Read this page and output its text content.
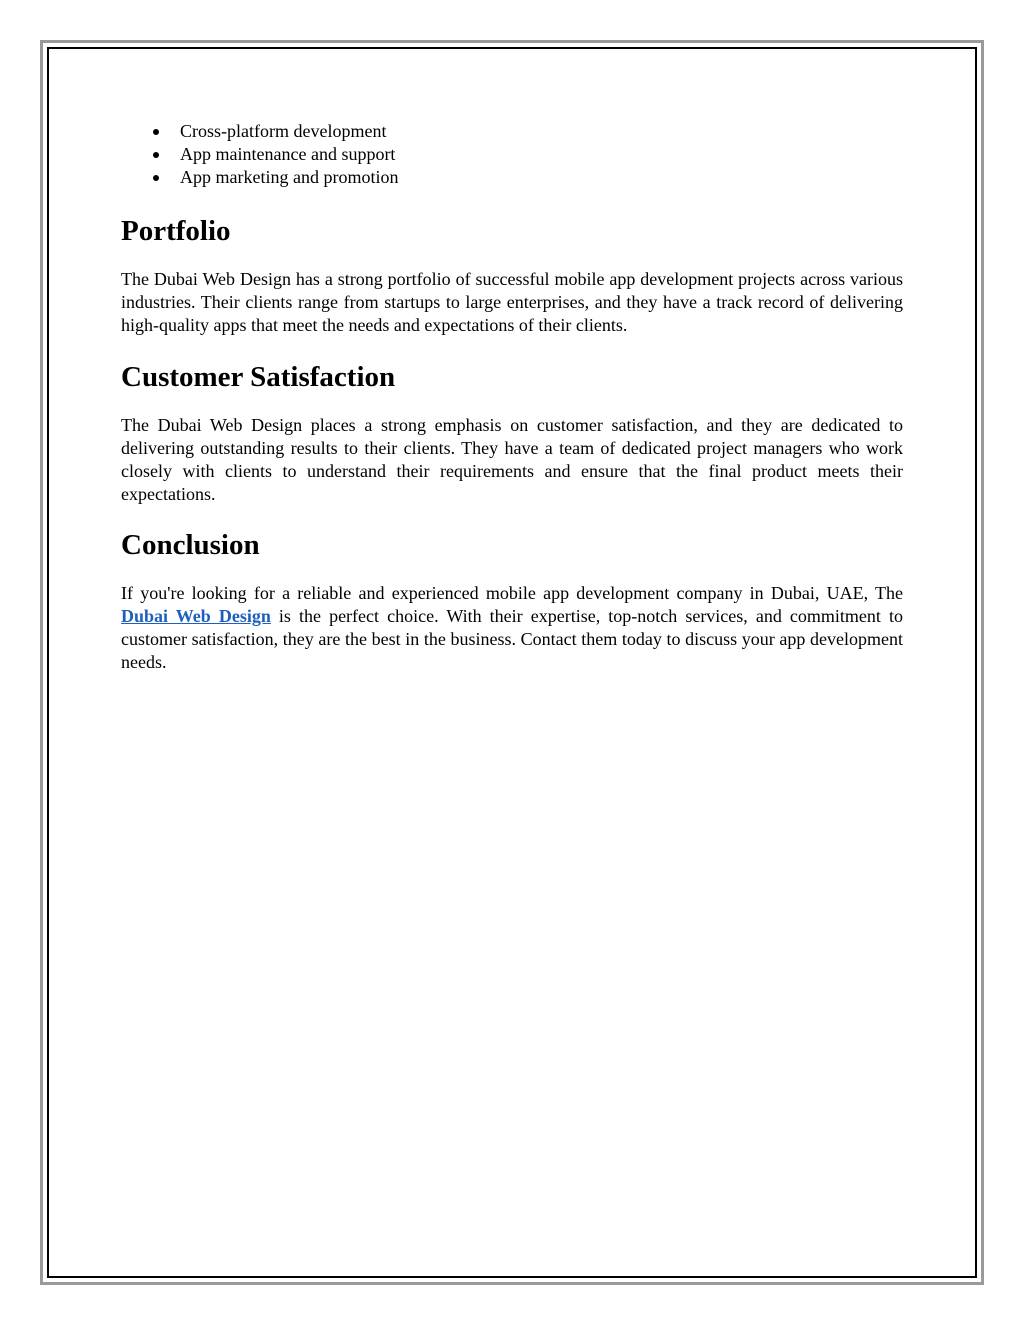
Cross-platform development
App maintenance and support
App marketing and promotion
Portfolio

The Dubai Web Design has a strong portfolio of successful mobile app development projects across various industries. Their clients range from startups to large enterprises, and they have a track record of delivering high-quality apps that meet the needs and expectations of their clients.

Customer Satisfaction

The Dubai Web Design places a strong emphasis on customer satisfaction, and they are dedicated to delivering outstanding results to their clients. They have a team of dedicated project managers who work closely with clients to understand their requirements and ensure that the final product meets their expectations.

Conclusion

If you're looking for a reliable and experienced mobile app development company in Dubai, UAE, The Dubai Web Design is the perfect choice. With their expertise, top-notch services, and commitment to customer satisfaction, they are the best in the business. Contact them today to discuss your app development needs.
